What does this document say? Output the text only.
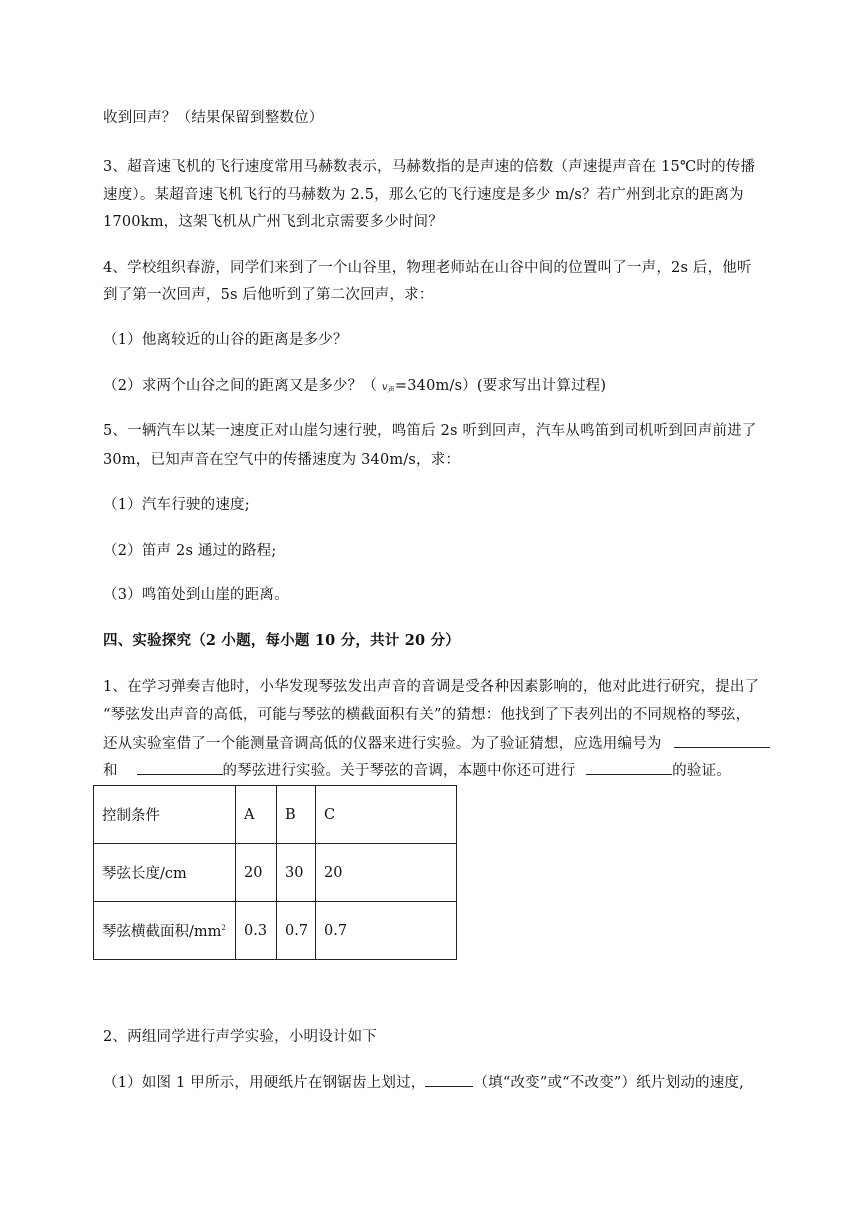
收到回声？（结果保留到整数位）
3、超音速飞机的飞行速度常用马赫数表示，马赫数指的是声速的倍数（声速提声音在 15℃时的传播
速度）。某超音速飞机飞行的马赫数为 2.5，那么它的飞行速度是多少 m/s？若广州到北京的距离为
1700km，这架飞机从广州飞到北京需要多少时间？
4、学校组织春游，同学们来到了一个山谷里，物理老师站在山谷中间的位置叫了一声，2s 后，他听
到了第一次回声，5s 后他听到了第二次回声，求：
（1）他离较近的山谷的距离是多少？
（2）求两个山谷之间的距离又是多少？（ $v_声=340m/s$）(要求写出计算过程)
5、一辆汽车以某一速度正对山崖匀速行驶，鸣笛后 2s 听到回声，汽车从鸣笛到司机听到回声前进了
30m，已知声音在空气中的传播速度为 340m/s，求：
（1）汽车行驶的速度;
（2）笛声 2s 通过的路程;
（3）鸣笛处到山崖的距离。
四、实验探究（2 小题，每小题 10 分，共计 20 分）
1、在学习弹奏吉他时，小华发现琴弦发出声音的音调是受各种因素影响的，他对此进行研究，提出了
“琴弦发出声音的高低，可能与琴弦的横截面积有关”的猜想：他找到了下表列出的不同规格的琴弦，
还从实验室借了一个能测量音调高低的仪器来进行实验。为了验证猜想，应选用编号为
和	的琴弦进行实验。关于琴弦的音调，本题中你还可进行	的验证。
控制条件	A	B	C
琴弦长度/cm	20	30	20
琴弦横截面积$/mm^2$	0.3	0.7	0.7
2、两组同学进行声学实验，小明设计如下
（1）如图 1 甲所示，用硬纸片在钢锯齿上划过，	（填“改变”或“不改变”）纸片划动的速度,
